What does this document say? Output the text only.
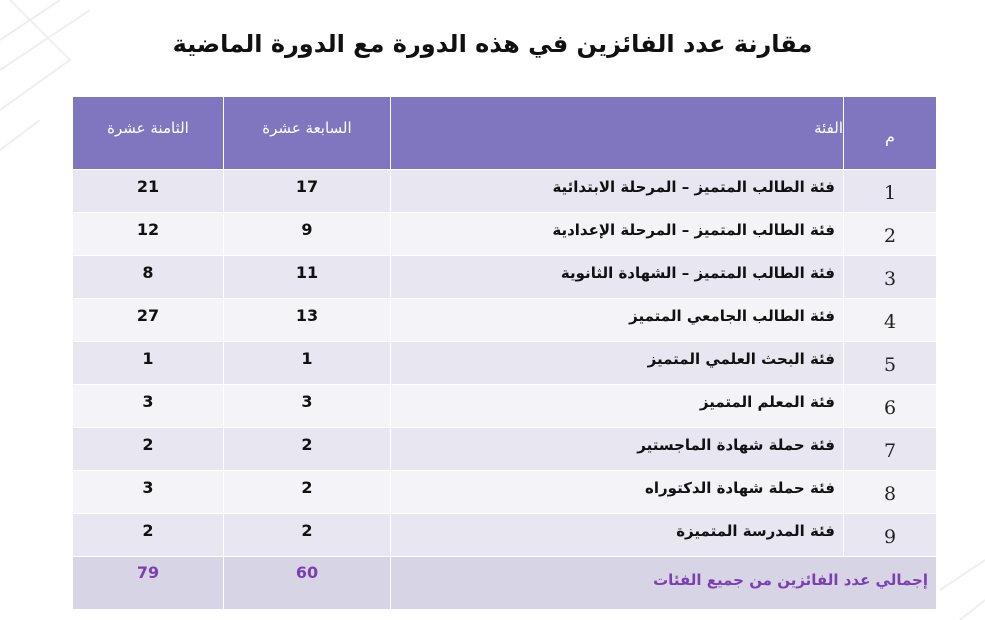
مقارنة عدد الفائزين في هذه الدورة مع الدورة الماضية
م	الفئة	السابعة عشرة	الثامنة عشرة

1	فئة الطالب المتميز – المرحلة الابتدائية	17	21

2	فئة الطالب المتميز – المرحلة الإعدادية	9	12

3	فئة الطالب المتميز – الشهادة الثانوية	11	8

4	فئة الطالب الجامعي المتميز	13	27

5	فئة البحث العلمي المتميز	1	1

6	فئة المعلم المتميز	3	3

7	فئة حملة شهادة الماجستير	2	2

8	فئة حملة شهادة الدكتوراه	2	3

9	فئة المدرسة المتميزة	2	2

إجمالي عدد الفائزين من جميع الفئات		60	79
